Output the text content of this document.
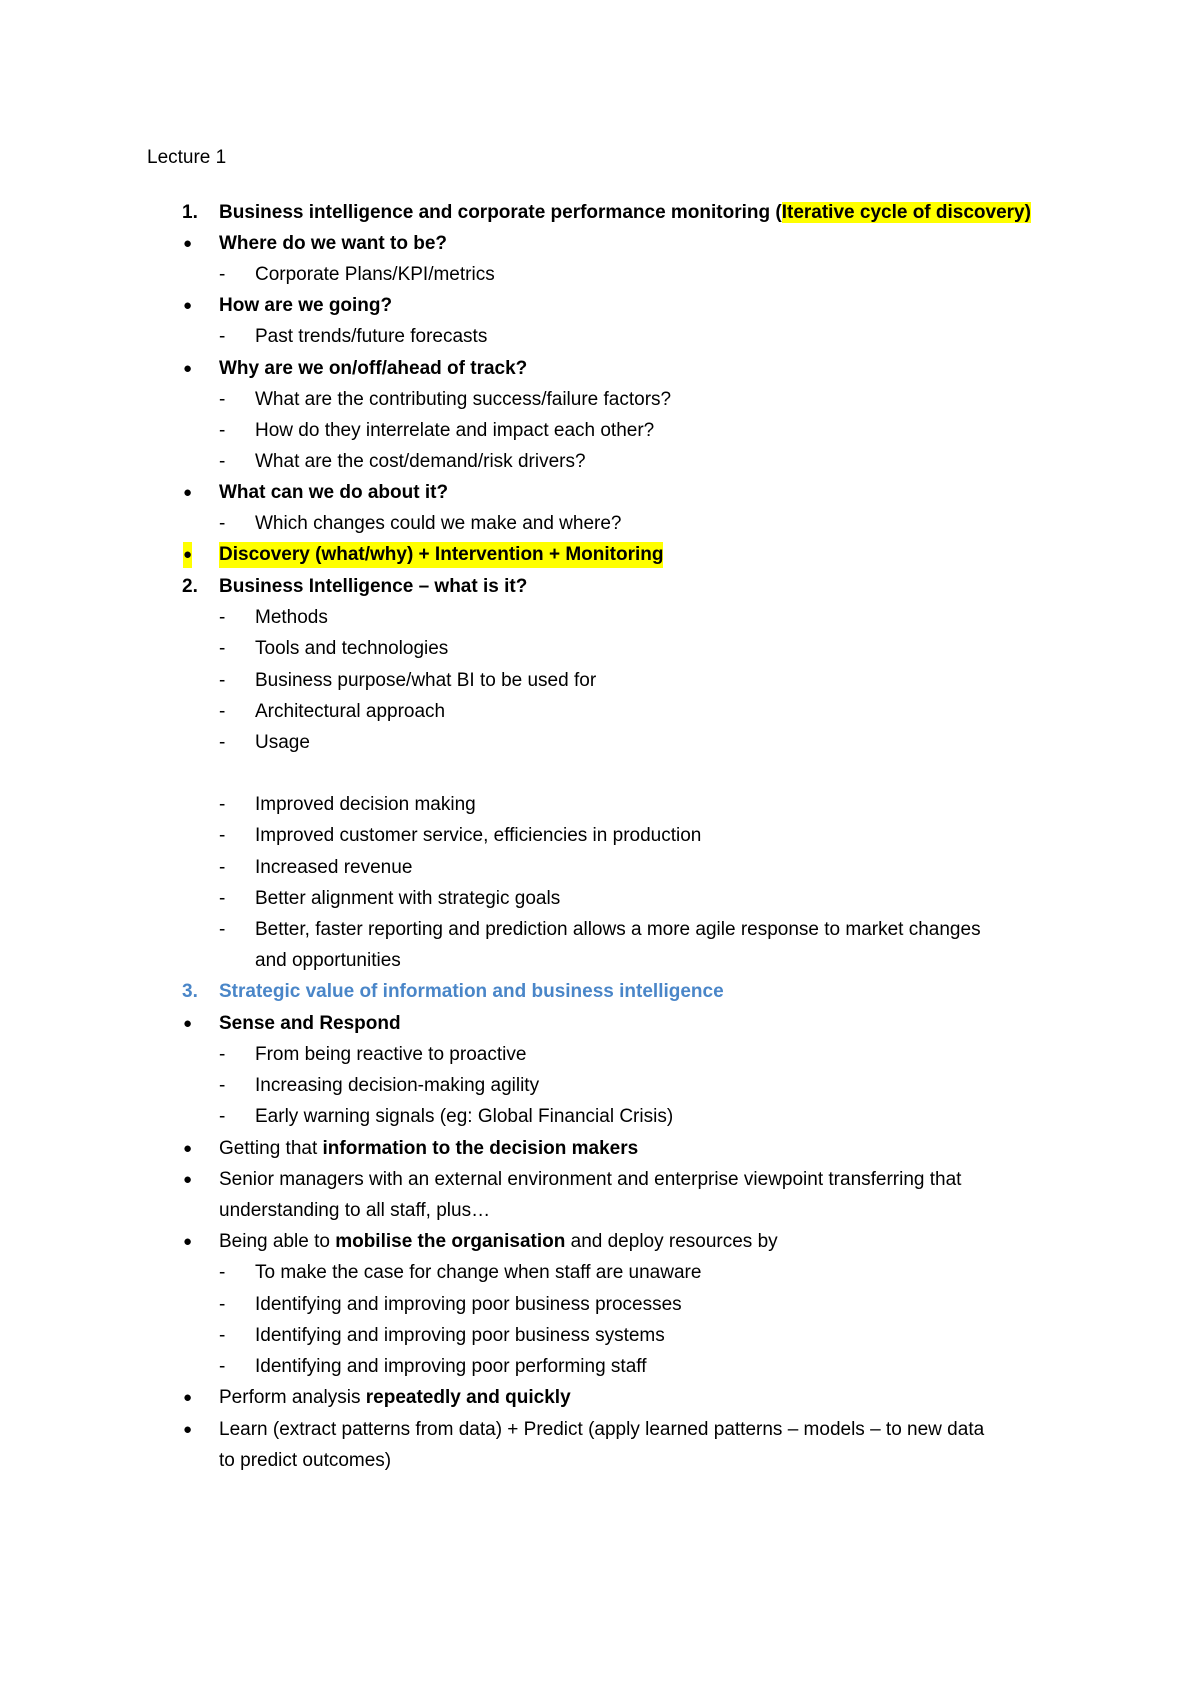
Lecture 1
1. Business intelligence and corporate performance monitoring (Iterative cycle of discovery)
● Where do we want to be?
- Corporate Plans/KPI/metrics
● How are we going?
- Past trends/future forecasts
● Why are we on/off/ahead of track?
- What are the contributing success/failure factors?
- How do they interrelate and impact each other?
- What are the cost/demand/risk drivers?
● What can we do about it?
- Which changes could we make and where?
● Discovery (what/why) + Intervention + Monitoring
2. Business Intelligence – what is it?
- Methods
- Tools and technologies
- Business purpose/what BI to be used for
- Architectural approach
- Usage
- Improved decision making
- Improved customer service, efficiencies in production
- Increased revenue
- Better alignment with strategic goals
- Better, faster reporting and prediction allows a more agile response to market changes
and opportunities
3. Strategic value of information and business intelligence
● Sense and Respond
- From being reactive to proactive
- Increasing decision-making agility
- Early warning signals (eg: Global Financial Crisis)
● Getting that information to the decision makers
● Senior managers with an external environment and enterprise viewpoint transferring that
understanding to all staff, plus…
● Being able to mobilise the organisation and deploy resources by
- To make the case for change when staff are unaware
- Identifying and improving poor business processes
- Identifying and improving poor business systems
- Identifying and improving poor performing staff
● Perform analysis repeatedly and quickly
● Learn (extract patterns from data) + Predict (apply learned patterns – models – to new data
to predict outcomes)
